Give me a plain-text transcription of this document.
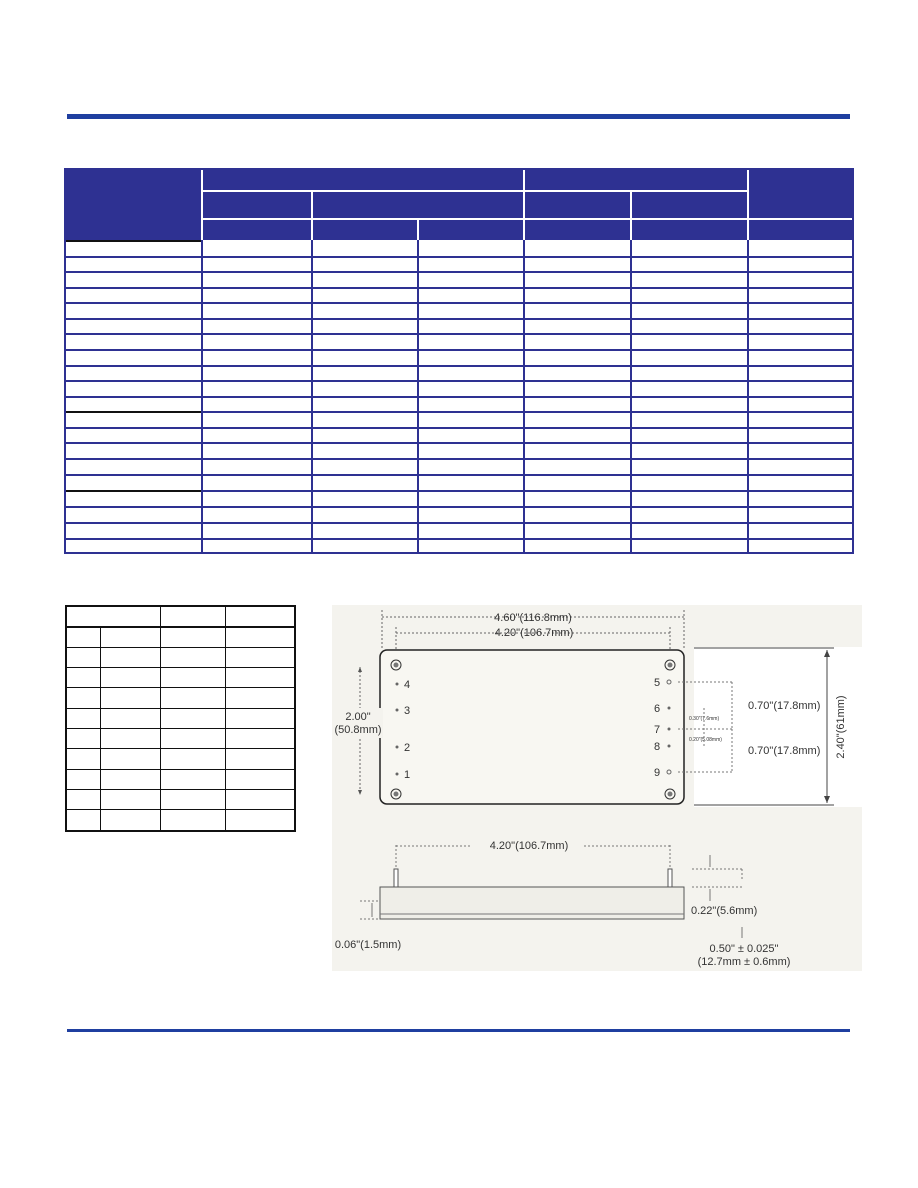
4.60"(116.8mm)
4.20"(106.7mm)
4
3
2
1
5
6
7
8
9
2.00"
(50.8mm)
0.70"(17.8mm)
0.70"(17.8mm)
0.30"(7.6mm)
0.20"(5.08mm)	2.40"(61mm)
4.20"(106.7mm)
0.22"(5.6mm)
0.50" ± 0.025"
(12.7mm ± 0.6mm)
0.06"(1.5mm)
